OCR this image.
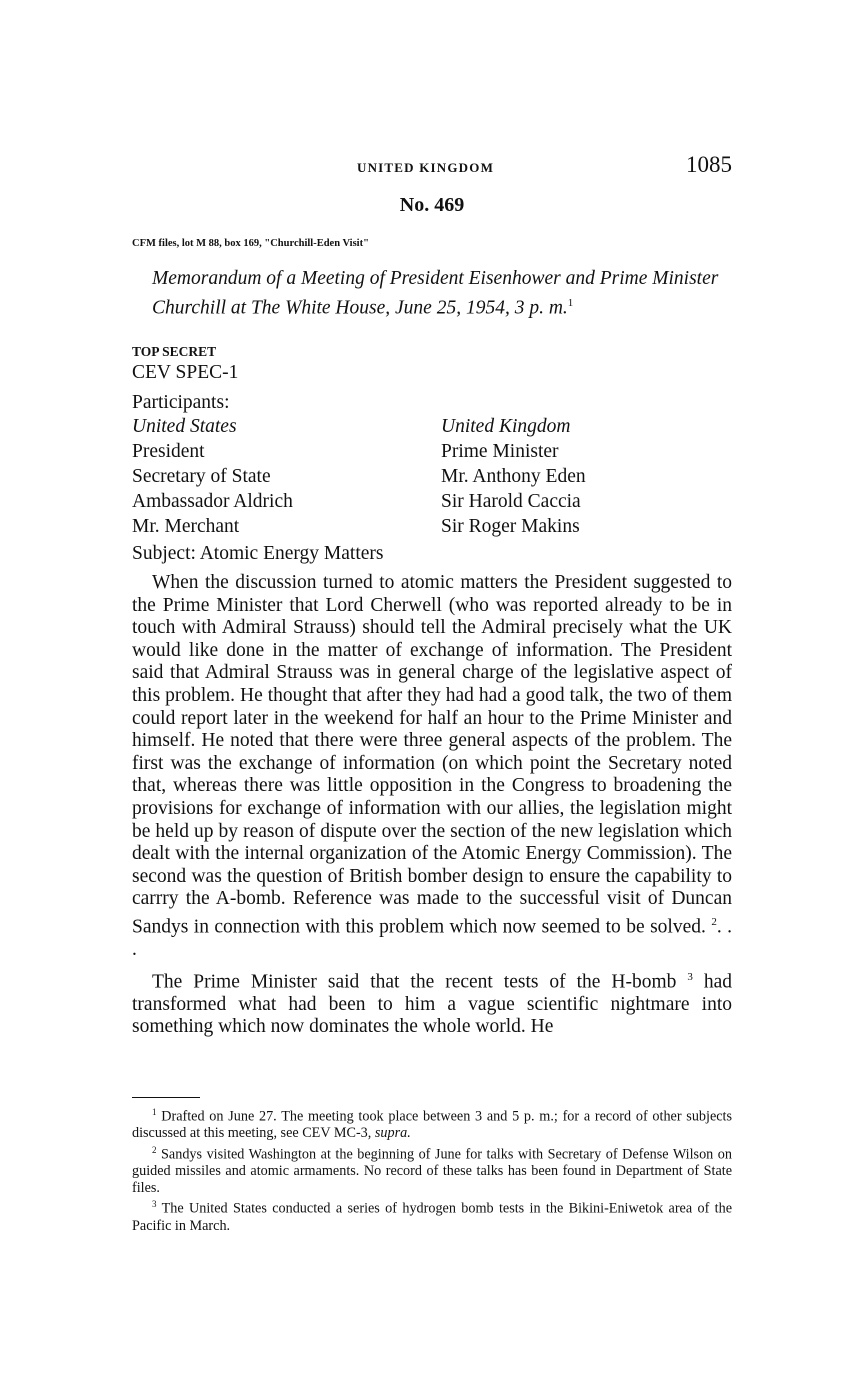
UNITED KINGDOM	1085
No. 469
CFM files, lot M 88, box 169, "Churchill-Eden Visit"
Memorandum of a Meeting of President Eisenhower and Prime Minister Churchill at The White House, June 25, 1954, 3 p. m.$^1$
TOP SECRET
CEV SPEC-1
Participants:
United States
President
Secretary of State
Ambassador Aldrich
Mr. Merchant
United Kingdom
Prime Minister
Mr. Anthony Eden
Sir Harold Caccia
Sir Roger Makins
Subject: Atomic Energy Matters

When the discussion turned to atomic matters the President suggested to the Prime Minister that Lord Cherwell (who was reported already to be in touch with Admiral Strauss) should tell the Admiral precisely what the UK would like done in the matter of exchange of information. The President said that Admiral Strauss was in general charge of the legislative aspect of this problem. He thought that after they had had a good talk, the two of them could report later in the weekend for half an hour to the Prime Minister and himself. He noted that there were three general aspects of the problem. The first was the exchange of information (on which point the Secretary noted that, whereas there was little opposition in the Congress to broadening the provisions for exchange of information with our allies, the legislation might be held up by reason of dispute over the section of the new legislation which dealt with the internal organization of the Atomic Energy Commission). The second was the question of British bomber design to ensure the capability to carrry the A-bomb. Reference was made to the successful visit of Duncan Sandys in connection with this problem which now seemed to be solved. $^2$. . .

The Prime Minister said that the recent tests of the H-bomb $^3$ had transformed what had been to him a vague scientific nightmare into something which now dominates the whole world. He

$^1$ Drafted on June 27. The meeting took place between 3 and 5 p. m.; for a record of other subjects discussed at this meeting, see CEV MC-3, supra.

$^2$ Sandys visited Washington at the beginning of June for talks with Secretary of Defense Wilson on guided missiles and atomic armaments. No record of these talks has been found in Department of State files.

$^3$ The United States conducted a series of hydrogen bomb tests in the Bikini-Eniwetok area of the Pacific in March.
